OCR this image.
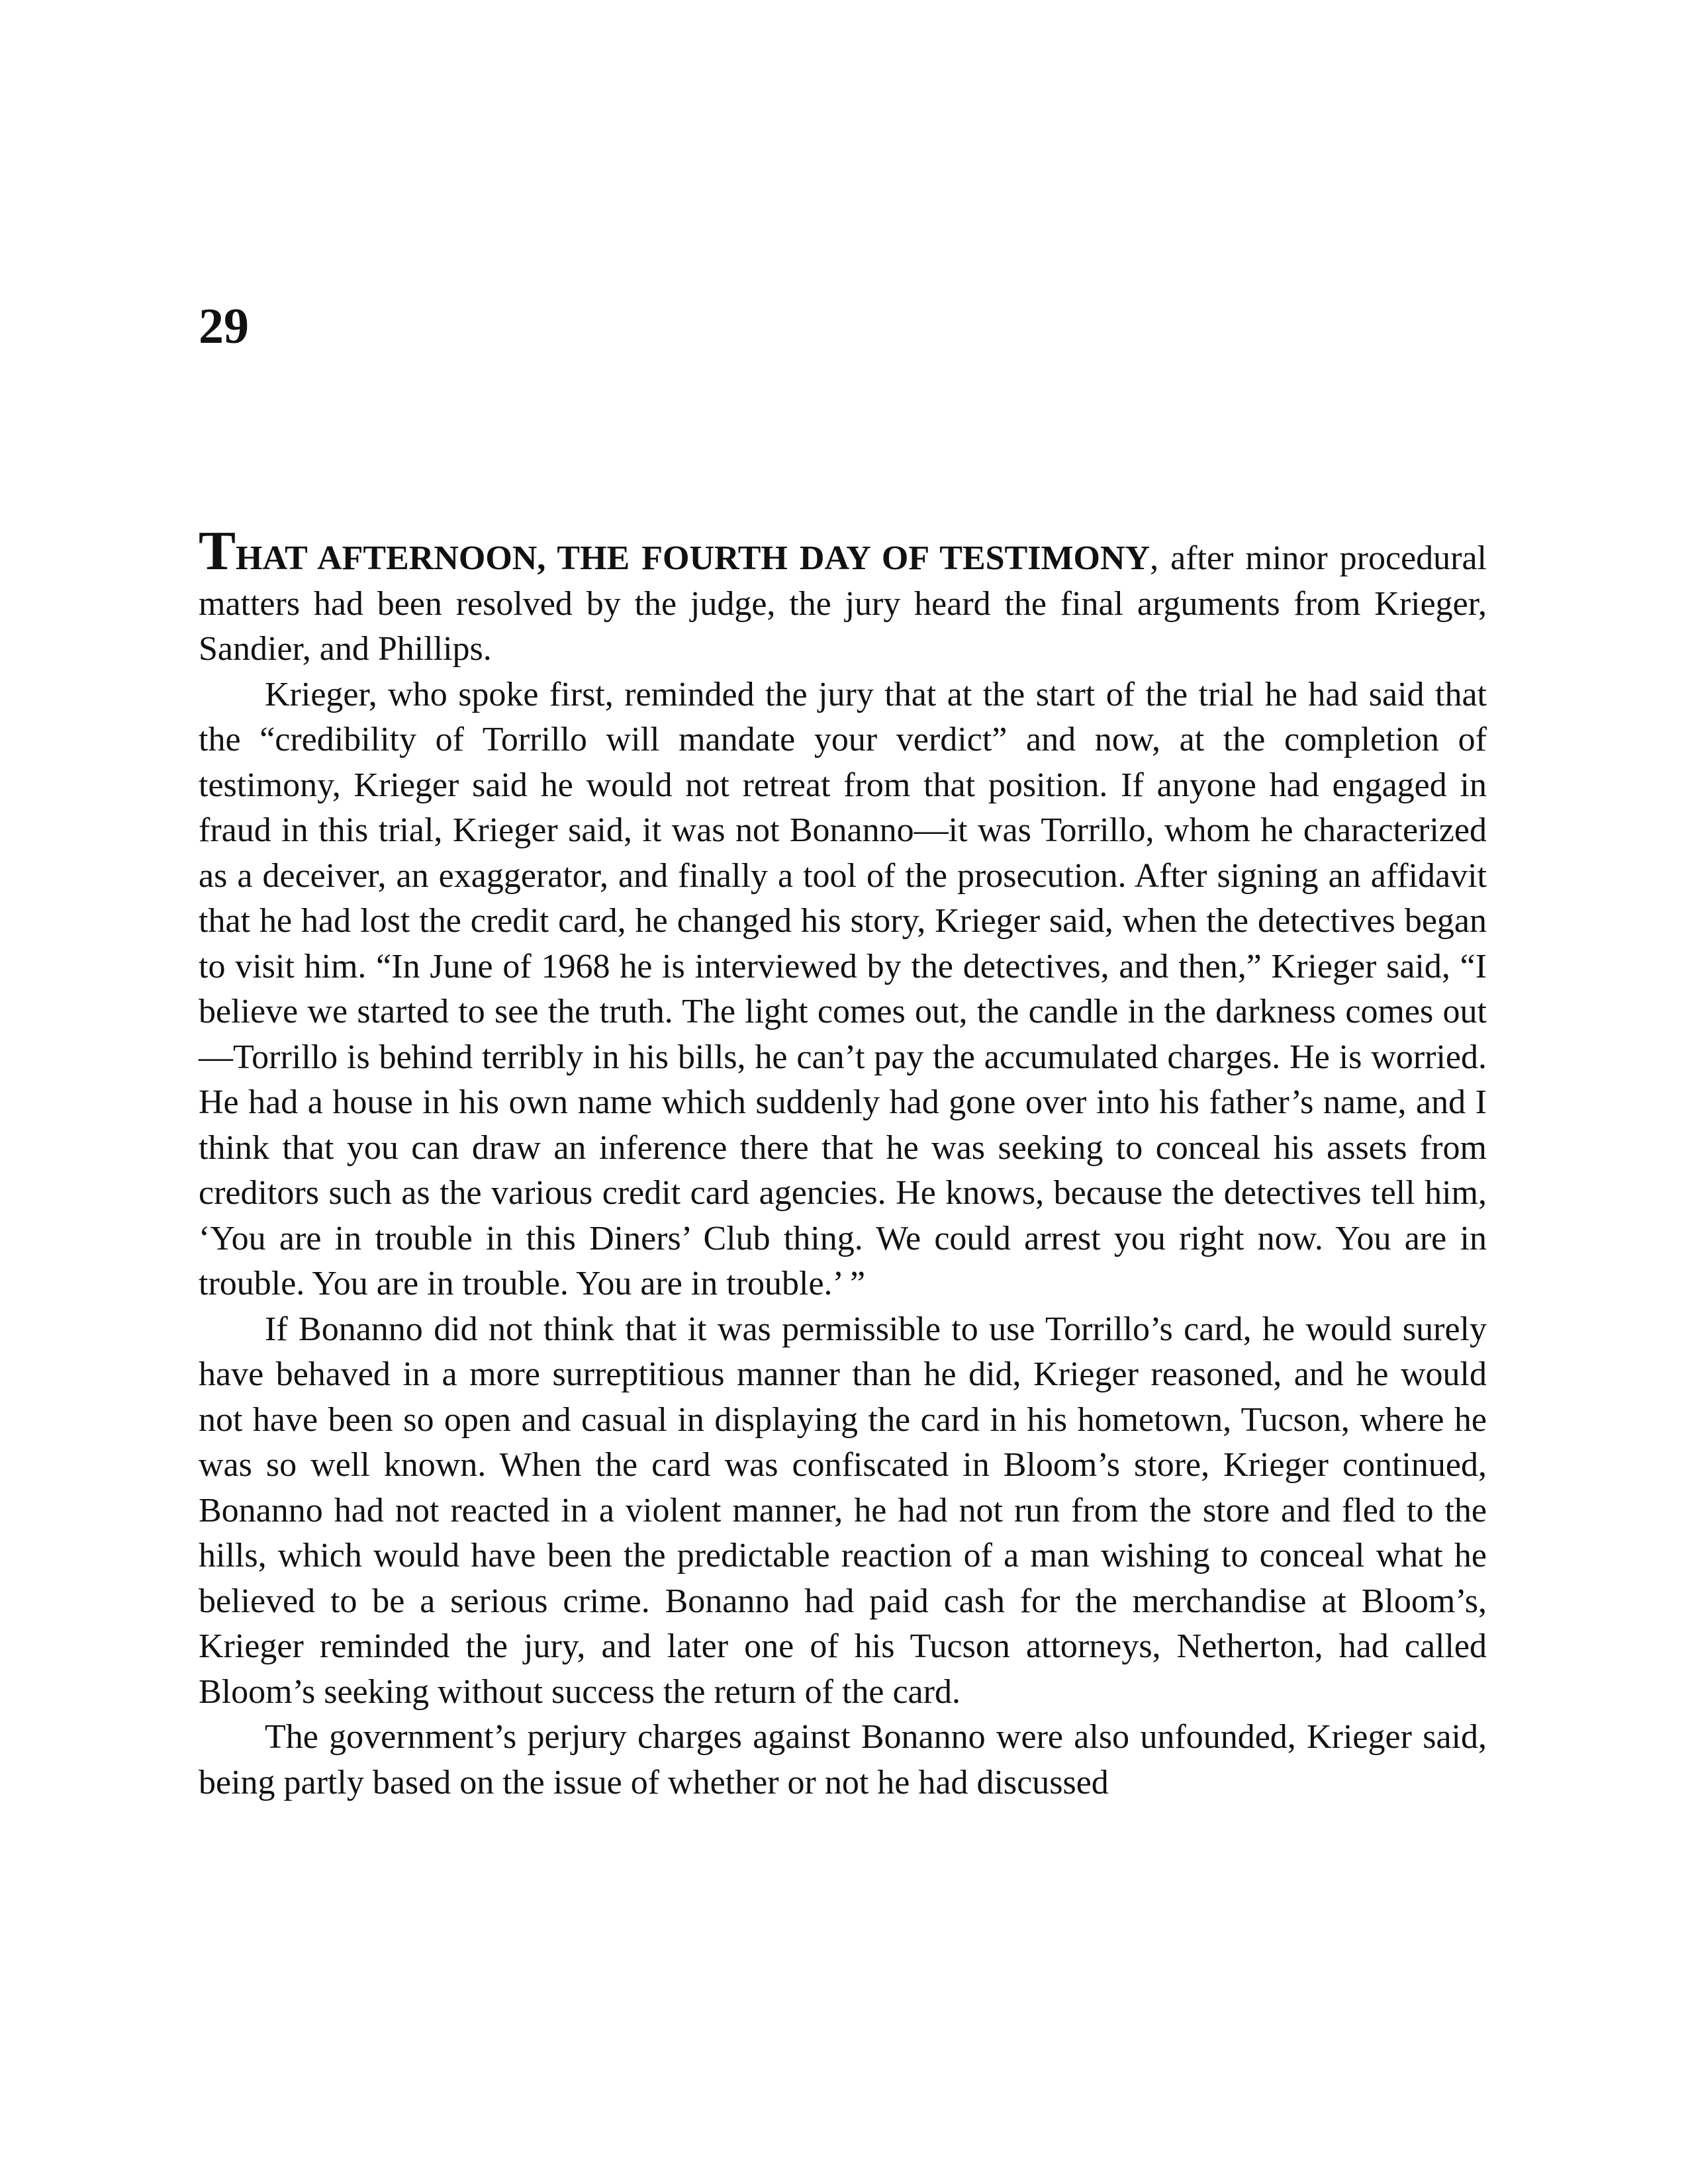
29

THAT AFTERNOON, THE FOURTH DAY OF TESTIMONY, after minor procedural matters had been resolved by the judge, the jury heard the final arguments from Krieger, Sandier, and Phillips.

Krieger, who spoke first, reminded the jury that at the start of the trial he had said that the “credibility of Torrillo will mandate your verdict” and now, at the completion of testimony, Krieger said he would not retreat from that position. If anyone had engaged in fraud in this trial, Krieger said, it was not Bonanno—it was Torrillo, whom he characterized as a deceiver, an exaggerator, and finally a tool of the prosecution. After signing an affidavit that he had lost the credit card, he changed his story, Krieger said, when the detectives began to visit him. “In June of 1968 he is interviewed by the detectives, and then,” Krieger said, “I believe we started to see the truth. The light comes out, the candle in the darkness comes out—Torrillo is behind terribly in his bills, he can’t pay the accumulated charges. He is worried. He had a house in his own name which suddenly had gone over into his father’s name, and I think that you can draw an inference there that he was seeking to conceal his assets from creditors such as the various credit card agencies. He knows, because the detectives tell him, ‘You are in trouble in this Diners’ Club thing. We could arrest you right now. You are in trouble. You are in trouble. You are in trouble.’ ”

If Bonanno did not think that it was permissible to use Torrillo’s card, he would surely have behaved in a more surreptitious manner than he did, Krieger reasoned, and he would not have been so open and casual in displaying the card in his hometown, Tucson, where he was so well known. When the card was confiscated in Bloom’s store, Krieger continued, Bonanno had not reacted in a violent manner, he had not run from the store and fled to the hills, which would have been the predictable reaction of a man wishing to conceal what he believed to be a serious crime. Bonanno had paid cash for the merchandise at Bloom’s, Krieger reminded the jury, and later one of his Tucson attorneys, Netherton, had called Bloom’s seeking without success the return of the card.

The government’s perjury charges against Bonanno were also unfounded, Krieger said, being partly based on the issue of whether or not he had discussed
